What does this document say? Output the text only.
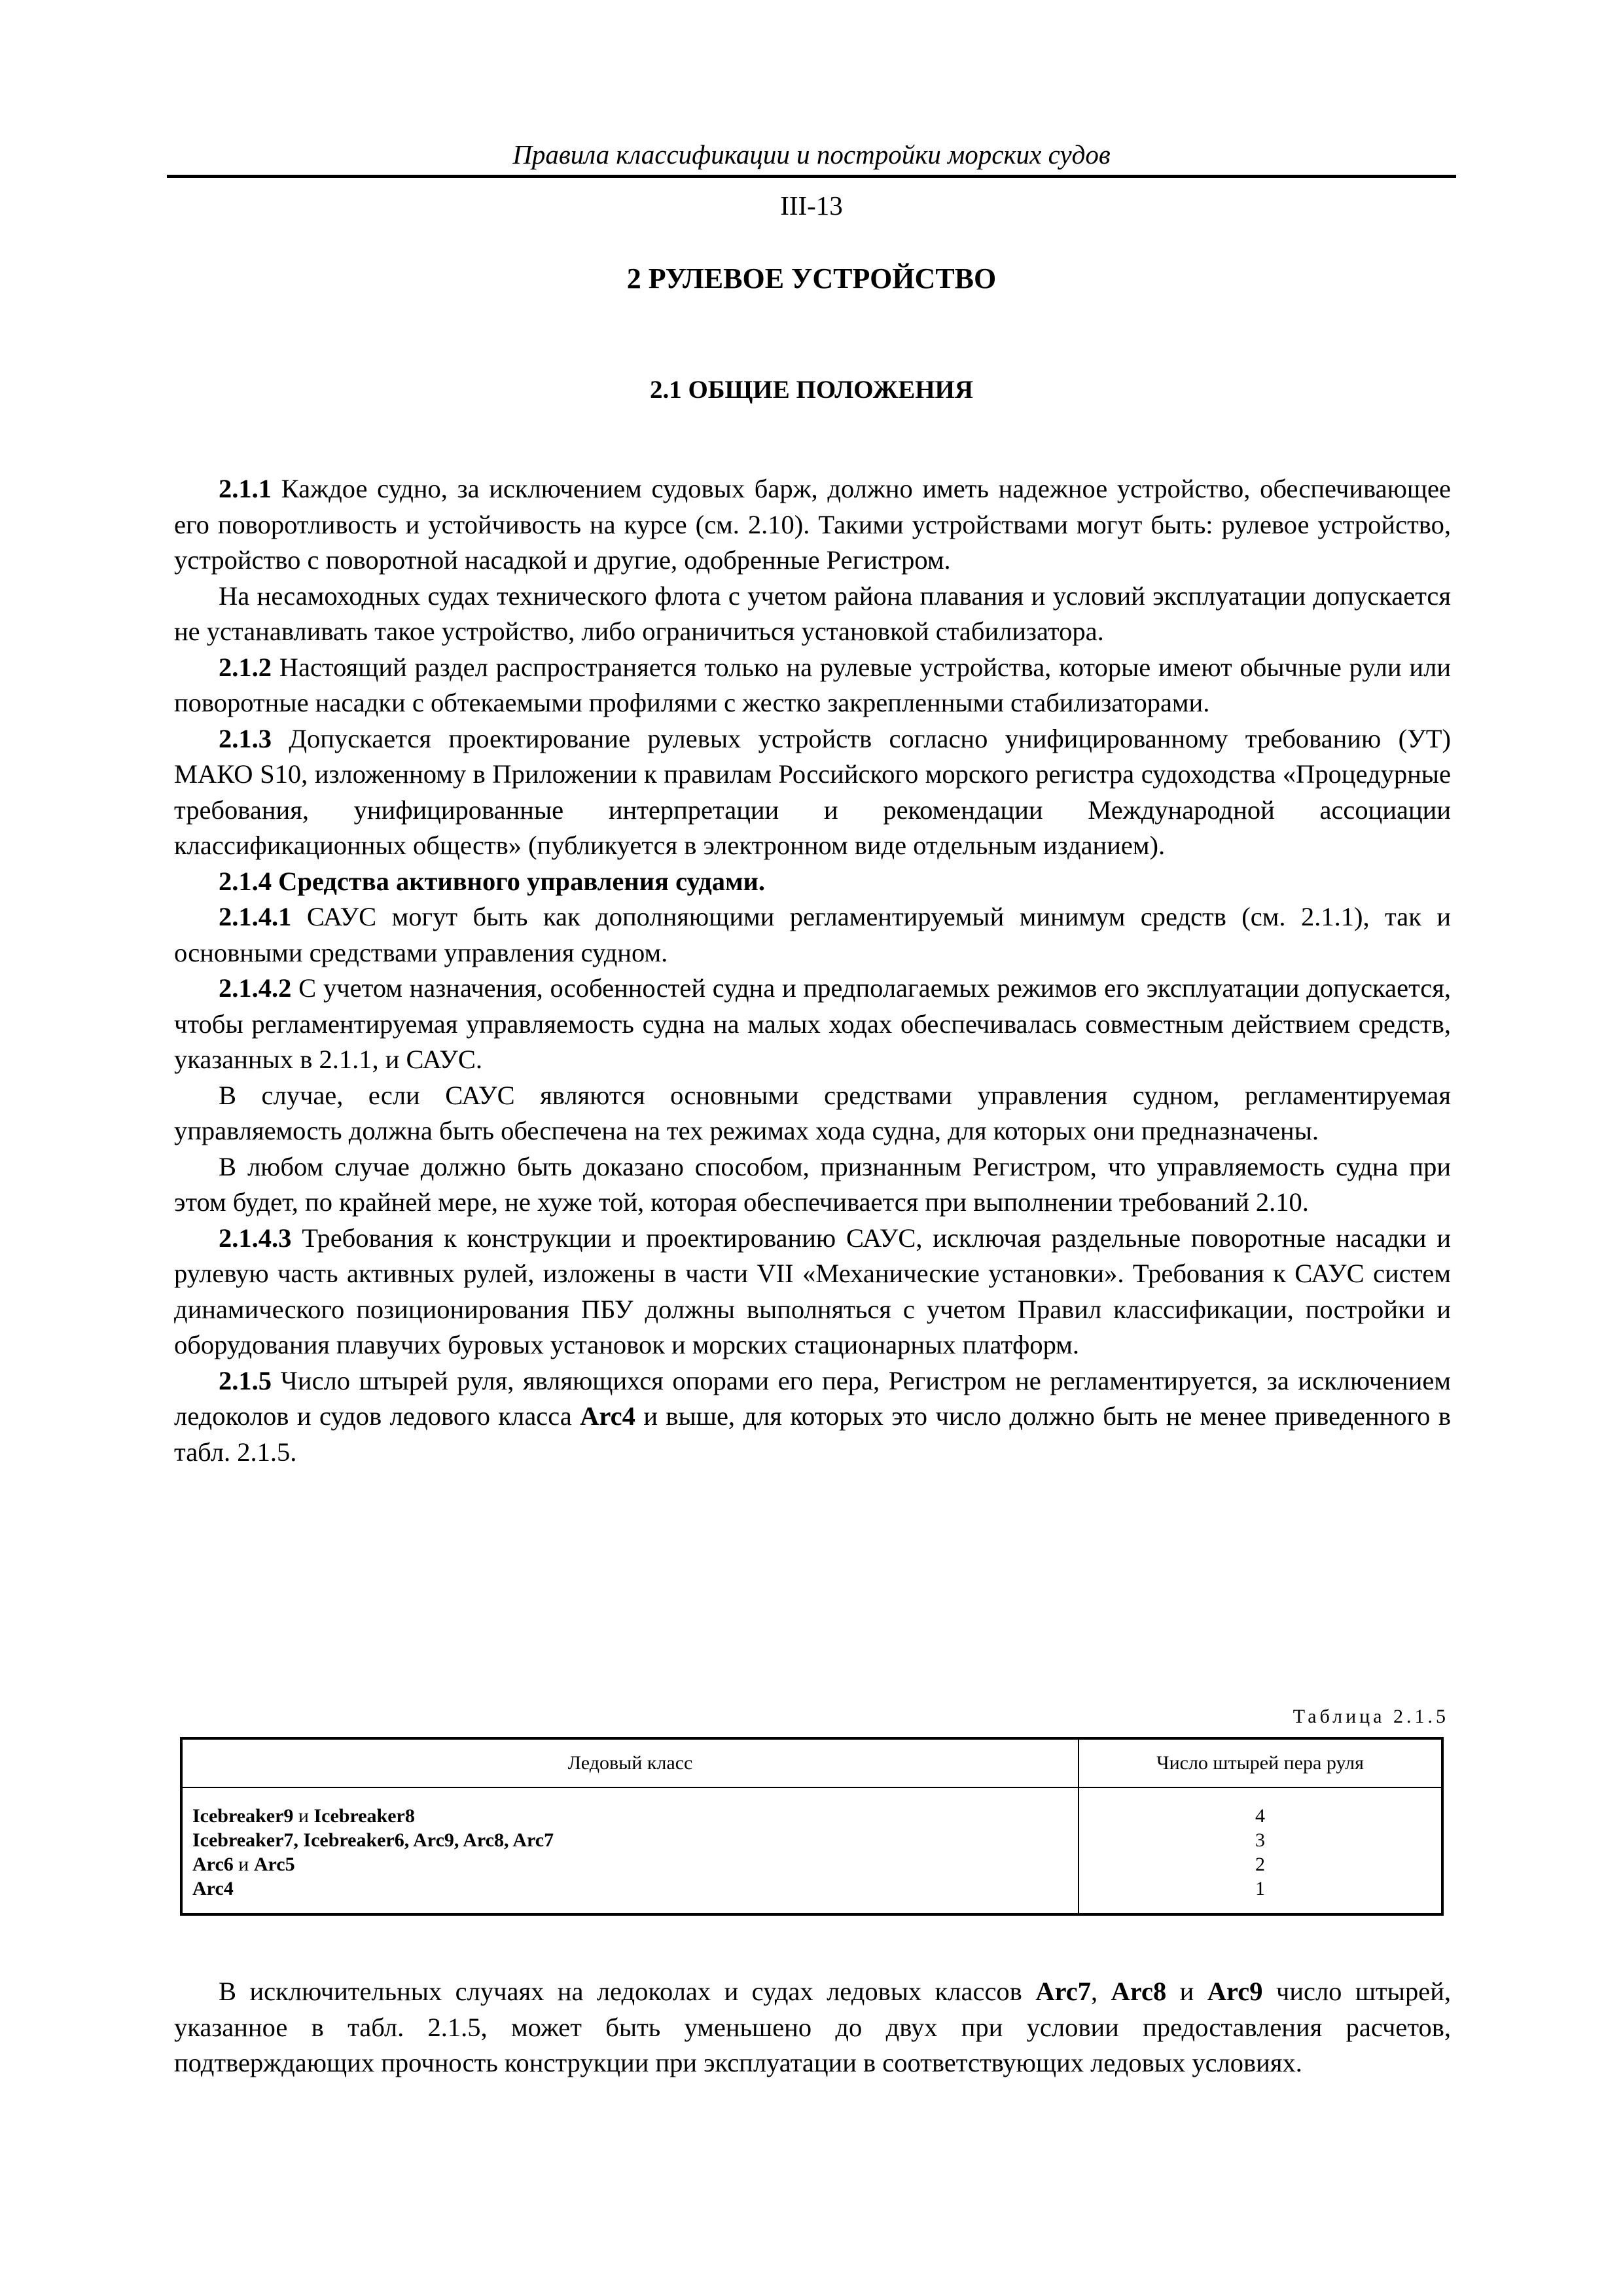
Правила классификации и постройки морских судов
III-13
2 РУЛЕВОЕ УСТРОЙСТВО
2.1 ОБЩИЕ ПОЛОЖЕНИЯ

2.1.1 Каждое судно, за исключением судовых барж, должно иметь надежное устройство, обеспечивающее его поворотливость и устойчивость на курсе (см. 2.10). Такими устройствами могут быть: рулевое устройство, устройство с поворотной насадкой и другие, одобренные Регистром.

На несамоходных судах технического флота с учетом района плавания и условий эксплуатации допускается не устанавливать такое устройство, либо ограничиться установкой стабилизатора.

2.1.2 Настоящий раздел распространяется только на рулевые устройства, которые имеют обычные рули или поворотные насадки с обтекаемыми профилями с жестко закрепленными стабилизаторами.

2.1.3 Допускается проектирование рулевых устройств согласно унифицированному требованию (УТ) МАКО S10, изложенному в Приложении к правилам Российского морского регистра судоходства «Процедурные требования, унифицированные интерпретации и рекомендации Международной ассоциации классификационных обществ» (публикуется в электронном виде отдельным изданием).

2.1.4 Средства активного управления судами.

2.1.4.1 САУС могут быть как дополняющими регламентируемый минимум средств (см. 2.1.1), так и основными средствами управления судном.

2.1.4.2 С учетом назначения, особенностей судна и предполагаемых режимов его эксплуатации допускается, чтобы регламентируемая управляемость судна на малых ходах обеспечивалась совместным действием средств, указанных в 2.1.1, и САУС.

В случае, если САУС являются основными средствами управления судном, регламентируемая управляемость должна быть обеспечена на тех режимах хода судна, для которых они предназначены.

В любом случае должно быть доказано способом, признанным Регистром, что управляемость судна при этом будет, по крайней мере, не хуже той, которая обеспечивается при выполнении требований 2.10.

2.1.4.3 Требования к конструкции и проектированию САУС, исключая раздельные поворотные насадки и рулевую часть активных рулей, изложены в части VII «Механические установки». Требования к САУС систем динамического позиционирования ПБУ должны выполняться с учетом Правил классификации, постройки и оборудования плавучих буровых установок и морских стационарных платформ.

2.1.5 Число штырей руля, являющихся опорами его пера, Регистром не регламентируется, за исключением ледоколов и судов ледового класса Arc4 и выше, для которых это число должно быть не менее приведенного в табл. 2.1.5.

Таблица 2.1.5
Ледовый класс	Число штырей пера руля
Icebreaker9 и Icebreaker8	4
Icebreaker7, Icebreaker6, Arc9, Arc8, Arc7	3
Arc6 и Arc5	2
Arc4	1

В исключительных случаях на ледоколах и судах ледовых классов Arc7, Arc8 и Arc9 число штырей, указанное в табл. 2.1.5, может быть уменьшено до двух при условии предоставления расчетов, подтверждающих прочность конструкции при эксплуатации в соответствующих ледовых условиях.
